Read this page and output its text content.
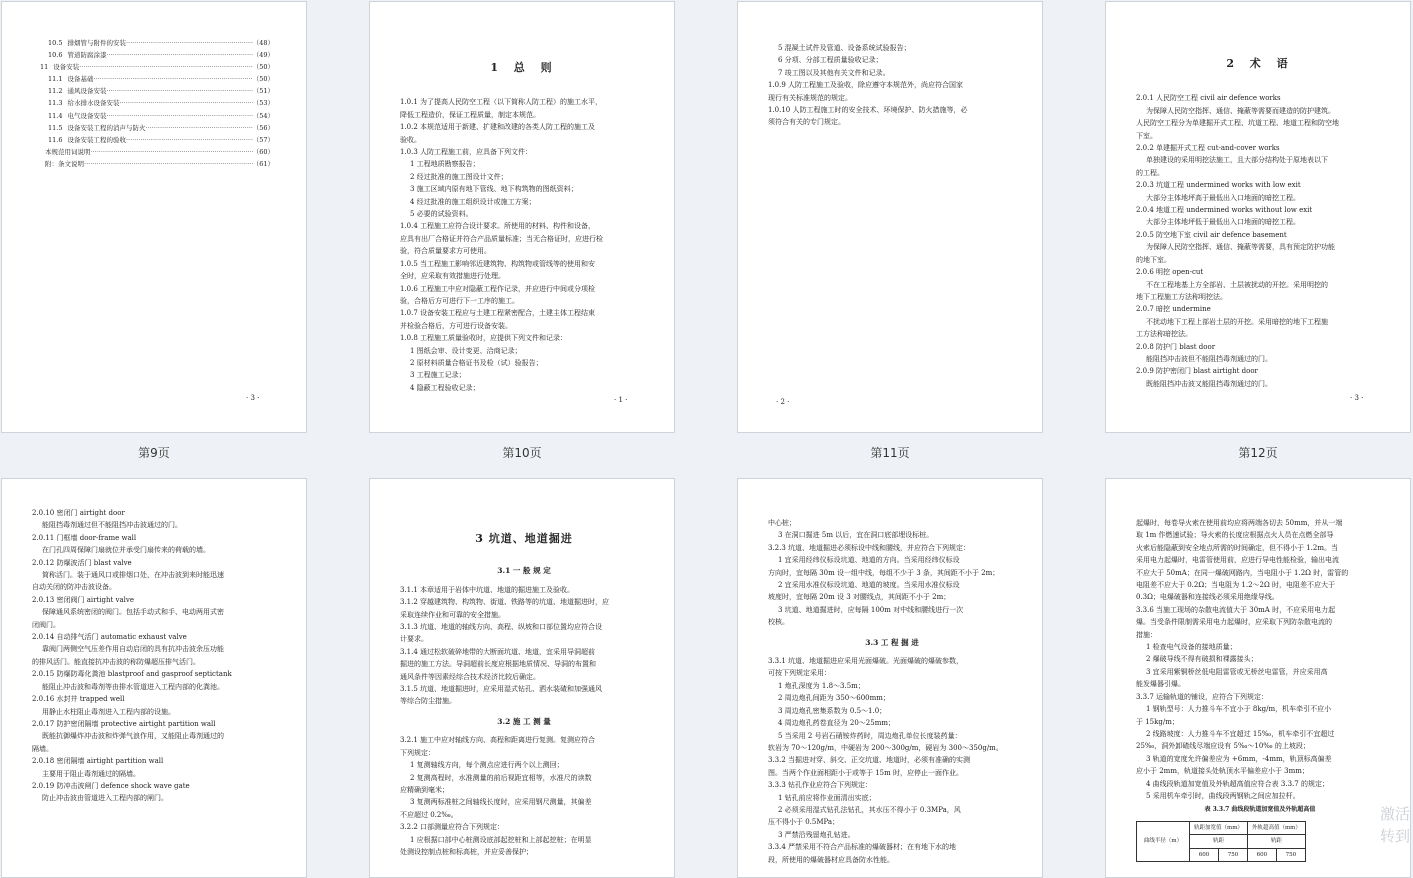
10.5 排烟管与附件的安装 ·····	（48）
10.6 管道防腐涂漆 ·····	（49）
11 设备安装 ·····	（50）
11.1 设备基础 ·····	（50）
11.2 通风设备安装 ·····	（51）
11.3 给水排水设备安装 ·····	（53）
11.4 电气设备安装 ·····	（54）
11.5 设备安装工程的消声与防火 ·····	（56）
11.6 设备安装工程的验收 ·····	（57）
本规范用词说明 ·····	（60）
附：条文说明 ·····	（61）
· 3 ·

1 总 则

1.0.1 为了提高人民防空工程（以下简称人防工程）的施工水平，
降低工程造价，保证工程质量，制定本规范。
1.0.2 本规范适用于新建、扩建和改建的各类人防工程的施工及
验收。
1.0.3 人防工程施工前，应具备下列文件：
1 工程地质勘察报告；
2 经过批准的施工图设计文件；
3 施工区域内原有地下管线、地下构筑物的图纸资料；
4 经过批准的施工组织设计或施工方案；
5 必要的试验资料。
1.0.4 工程施工应符合设计要求。所使用的材料、构件和设备，
应具有出厂合格证并符合产品质量标准；当无合格证时，应进行检
验，符合质量要求方可使用。
1.0.5 当工程施工影响邻近建筑物、构筑物或管线等的使用和安
全时，应采取有效措施进行处理。
1.0.6 工程施工中应对隐蔽工程作记录，并应进行中间或分项检
验，合格后方可进行下一工序的施工。
1.0.7 设备安装工程应与土建工程紧密配合，土建主体工程结束
并检验合格后，方可进行设备安装。
1.0.8 工程施工质量验收时，应提供下列文件和记录：
1 图纸会审、设计变更、洽商记录；
2 原材料质量合格证书及检（试）验报告；
3 工程施工记录；
4 隐蔽工程验收记录；
· 1 ·
5 混凝土试件及管道、设备系统试验报告；
6 分项、分部工程质量验收记录；
7 竣工图以及其他有关文件和记录。
1.0.9 人防工程施工及验收，除应遵守本规范外，尚应符合国家
现行有关标准规范的规定。
1.0.10 人防工程施工时的安全技术、环境保护、防火措施等，必
须符合有关的专门规定。
· 2 ·

2 术 语

2.0.1 人民防空工程 civil air defence works
为保障人民防空指挥、通信、掩蔽等需要而建造的防护建筑。
人民防空工程分为单建掘开式工程、坑道工程、地道工程和防空地
下室。
2.0.2 单建掘开式工程 cut-and-cover works
单独建设的采用明挖法施工，且大部分结构处于原地表以下
的工程。
2.0.3 坑道工程 undermined works with low exit
大部分主体地坪高于最低出入口地面的暗挖工程。
2.0.4 地道工程 undermined works without low exit
大部分主体地坪低于最低出入口地面的暗挖工程。
2.0.5 防空地下室 civil air defence basement
为保障人民防空指挥、通信、掩蔽等需要，具有预定防护功能
的地下室。
2.0.6 明挖 open-cut
不在工程地基上方全部岩、土层被扰动的开挖。采用明挖的
地下工程施工方法称明挖法。
2.0.7 暗挖 undermine
不扰动地下工程上部岩土层的开挖。采用暗挖的地下工程施
工方法称暗挖法。
2.0.8 防护门 blast door
能阻挡冲击波但不能阻挡毒剂通过的门。
2.0.9 防护密闭门 blast airtight door
既能阻挡冲击波又能阻挡毒剂通过的门。
· 3 ·
第9页	第10页	第11页	第12页
2.0.10 密闭门 airtight door
能阻挡毒剂通过但不能阻挡冲击波通过的门。
2.0.11 门框墙 door-frame wall
在门孔四周保障门扇就位并承受门扇传来的荷载的墙。
2.0.12 防爆波活门 blast valve
简称活门。装于通风口或排烟口处，在冲击波到来时能迅速
自动关闭的防冲击波设备。
2.0.13 密闭阀门 airtight valve
保障通风系统密闭的阀门。包括手动式和手、电动两用式密
闭阀门。
2.0.14 自动排气活门 automatic exhaust valve
靠阀门两侧空气压差作用自动启闭的具有抗冲击波余压功能
的排风活门。能直接抗冲击波的称防爆超压排气活门。
2.0.15 防爆防毒化粪池 blastproof and gasproof septictank
能阻止冲击波和毒剂等由排水管道进入工程内部的化粪池。
2.0.16 水封井 trapped well
用静止水柱阻止毒剂进入工程内部的设施。
2.0.17 防护密闭隔墙 protective airtight partition wall
既能抗御爆炸冲击波和炸弹气浪作用，又能阻止毒剂通过的
隔墙。
2.0.18 密闭隔墙 airtight partition wall
主要用于阻止毒剂通过的隔墙。
2.0.19 防冲击波闸门 defence shock wave gate
防止冲击波由管道进入工程内部的闸门。

3 坑道、地道掘进

3.1 一 般 规 定

3.1.1 本章适用于岩体中坑道、地道的掘进施工及验收。
3.1.2 穿越建筑物、构筑物、街道、铁路等的坑道、地道掘进时，应
采取连续作业和可靠的安全措施。
3.1.3 坑道、地道的轴线方向、高程、纵坡和口部位置均应符合设
计要求。
3.1.4 通过松软破碎地带的大断面坑道、地道，宜采用导洞超前
掘进的施工方法。导洞超前长度应根据地质情况、导洞的布置和
通风条件等因素经综合技术经济比较后确定。
3.1.5 坑道、地道掘进时，应采用湿式钻孔、洒水装碴和加强通风
等综合防尘措施。

3.2 施 工 测 量

3.2.1 施工中应对轴线方向、高程和距离进行复测。复测应符合
下列规定：
1 复测轴线方向，每个测点应进行两个以上测回；
2 复测高程时，水准测量的前后视距宜相等，水准尺的读数
应精确到毫米；
3 复测两标准桩之间轴线长度时，应采用钢尺测量，其偏差
不应超过 0.2‰。
3.2.2 口部测量应符合下列规定：
1 应根据口部中心桩测设底部起挖桩和上部起挖桩；在明显
处测设控制点桩和标高桩，并应妥善保护；
中心桩；
3 在洞口掘进 5m 以后，宜在洞口底部埋设标桩。
3.2.3 坑道、地道掘进必须标设中线和腰线，并应符合下列规定：
1 宜采用经纬仪标设坑道、地道的方向。当采用经纬仪标设
方向时，宜每隔 30m 设一组中线，每组不少于 3 条，其间距不小于 2m；
2 宜采用水准仪标设坑道、地道的坡度。当采用水准仪标设
坡度时，宜每隔 20m 设 3 对腰线点，其间距不小于 2m；
3 坑道、地道掘进时，应每隔 100m 对中线和腰线进行一次
校核。

3.3 工 程 掘 进

3.3.1 坑道、地道掘进应采用光面爆破。光面爆破的爆破参数，
可按下列规定采用：
1 炮孔深度为 1.8～3.5m；
2 周边炮孔间距为 350～600mm；
3 周边炮孔密集系数为 0.5～1.0；
4 周边炮孔药卷直径为 20～25mm；
5 当采用 2 号岩石硝铵炸药时，周边炮孔单位长度装药量：
软岩为 70～120g/m，中硬岩为 200～300g/m，硬岩为 300～350g/m。
3.3.2 当掘进对穿、斜交、正交坑道、地道时，必须有准确的实测
图。当两个作业面相距小于或等于 15m 时，应停止一面作业。
3.3.3 钻孔作业应符合下列规定：
1 钻孔前应将作业面清出实底；
2 必须采用湿式钻孔法钻孔，其水压不得小于 0.3MPa，风
压不得小于 0.5MPa；
3 严禁沿残留炮孔钻进。
3.3.4 严禁采用不符合产品标准的爆破器材；在有地下水的地
段，所使用的爆破器材应具备防水性能。
起爆时，每卷导火索在使用前均应将两端各切去 50mm，并从一端
取 1m 作燃速试验；导火索的长度应根据点火人员在点燃全部导
火索后能隐蔽到安全地点所需的时间确定，但不得小于 1.2m。当
采用电力起爆时，电雷管使用前，应进行导电性能检验，输出电流
不应大于 50mA；在同一爆破网路内，当电阻小于 1.2Ω 时，雷管的
电阻差不应大于 0.2Ω；当电阻为 1.2～2Ω 时，电阻差不应大于
0.3Ω；电爆破器和连接线必须采用绝缘导线。
3.3.6 当施工现场的杂散电流值大于 30mA 时，不应采用电力起
爆。当受条件限制需采用电力起爆时，应采取下列防杂散电流的
措施：
1 检查电气设备的接地质量；
2 爆破导线不得有破损和裸露接头；
3 宜采用紫铜桥丝低电阻雷管或无桥丝电雷管，并应采用高
能发爆器引爆。
3.3.7 运输轨道的铺设，应符合下列规定：
1 钢轨型号：人力推斗车不宜小于 8kg/m，机车牵引不应小
于 15kg/m；
2 线路坡度：人力推斗车不宜超过 15‰，机车牵引不宜超过
25‰，洞外卸碴线尽端应设有 5‰～10‰ 的上坡段；
3 轨道的宽度允许偏差应为 +6mm，-4mm，轨顶标高偏差
应小于 2mm，轨道接头处轨顶水平偏差应小于 3mm；
4 曲线段轨道加宽值及外轨超高值应符合表 3.3.7 的规定；
5 采用机车牵引时，曲线段两钢轨之间应加拉杆。
表 3.3.7 曲线段轨道加宽值及外轨超高值
曲线半径（m）	轨距加宽值（mm）		外轨超高值（mm）	
	轨距		轨距	
	600	750	600	750
激活
转到
